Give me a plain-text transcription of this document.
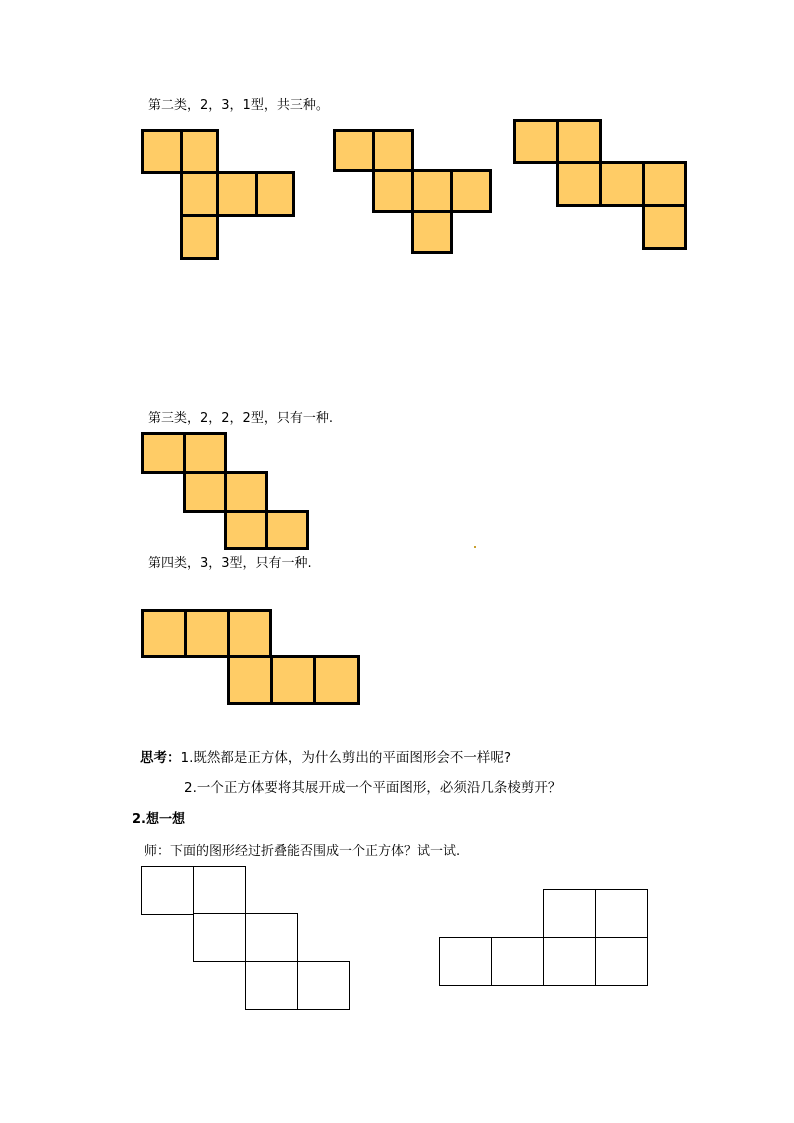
第二类，2，3，1型，共三种。
第三类，2，2，2型，只有一种.
第四类，3，3型，只有一种.
思考：1.既然都是正方体，为什么剪出的平面图形会不一样呢?
2.一个正方体要将其展开成一个平面图形，必须沿几条棱剪开？
2.想一想
师：下面的图形经过折叠能否围成一个正方体？试一试.
